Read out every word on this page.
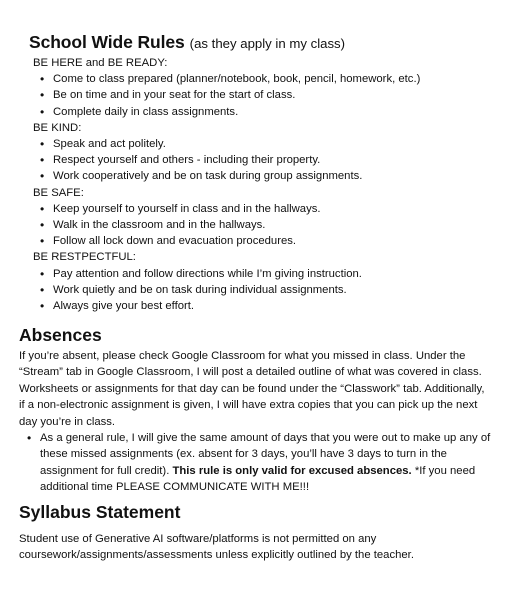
School Wide Rules (as they apply in my class)
BE HERE and BE READY:
• Come to class prepared (planner/notebook, book, pencil, homework, etc.)
• Be on time and in your seat for the start of class.
• Complete daily in class assignments.
BE KIND:
• Speak and act politely.
• Respect yourself and others - including their property.
• Work cooperatively and be on task during group assignments.
BE SAFE:
• Keep yourself to yourself in class and in the hallways.
• Walk in the classroom and in the hallways.
• Follow all lock down and evacuation procedures.
BE RESTPECTFUL:
• Pay attention and follow directions while I’m giving instruction.
• Work quietly and be on task during individual assignments.
• Always give your best effort.
Absences

If you’re absent, please check Google Classroom for what you missed in class. Under the “Stream” tab in Google Classroom, I will post a detailed outline of what was covered in class. Worksheets or assignments for that day can be found under the “Classwork” tab. Additionally, if a non-electronic assignment is given, I will have extra copies that you can pick up the next day you’re in class.

• As a general rule, I will give the same amount of days that you were out to make up any of these missed assignments (ex. absent for 3 days, you’ll have 3 days to turn in the assignment for full credit). This rule is only valid for excused absences. *If you need additional time PLEASE COMMUNICATE WITH ME!!!

Syllabus Statement

Student use of Generative AI software/platforms is not permitted on any coursework/assignments/assessments unless explicitly outlined by the teacher.
